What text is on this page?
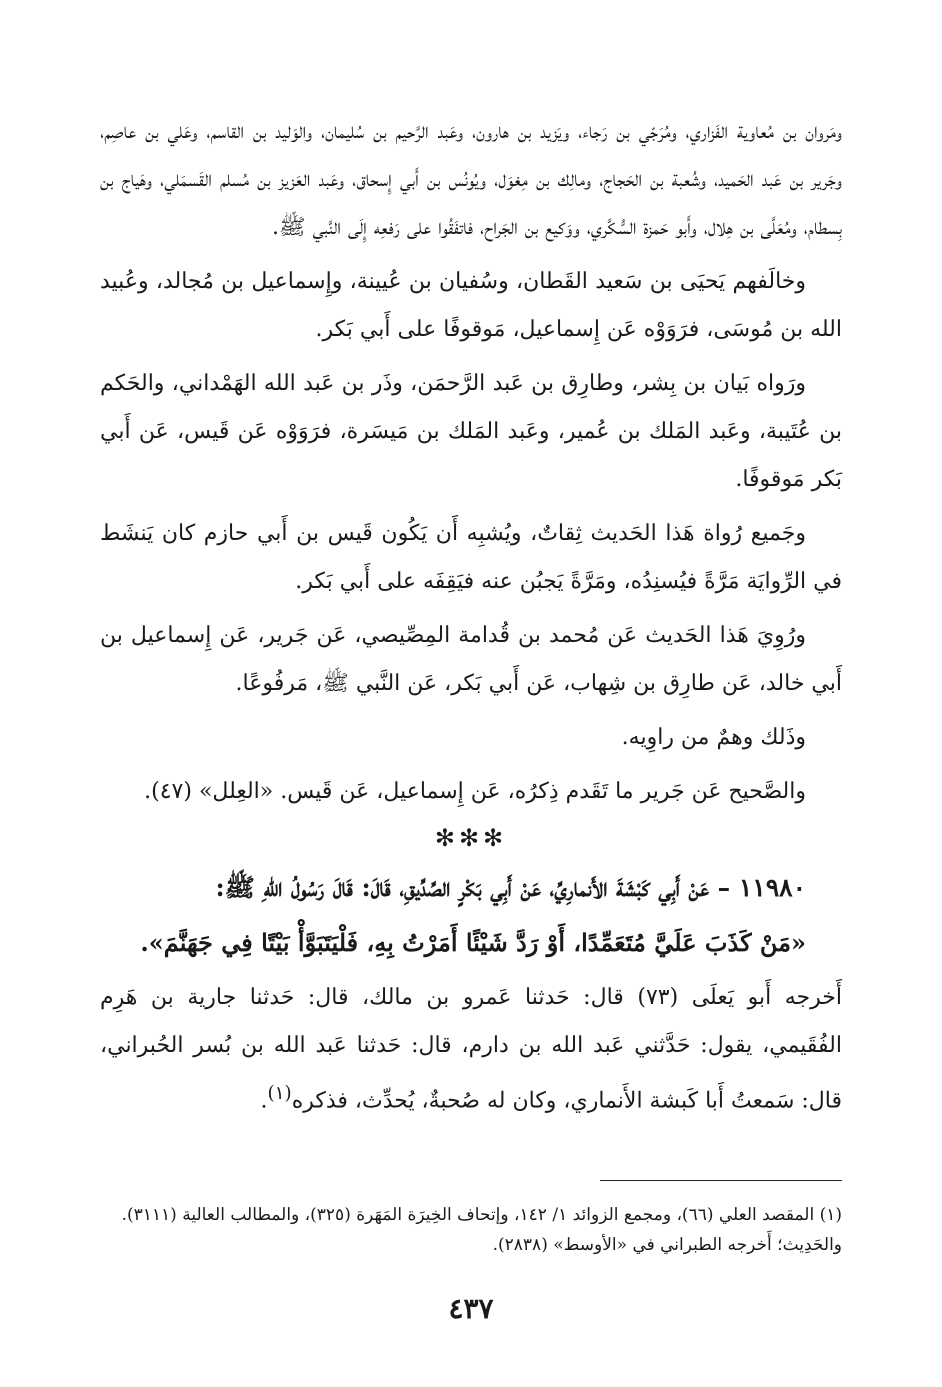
ومَروان بن مُعاوية الفَزاري، ومُرَجّي بن رَجاء، ويَزيد بن هارون، وعَبد الرَّحيم بن سُليمان، والوَليد بن القاسم، وعَلي بن عاصِم، وجَرير بن عَبد الحَميد، وشُعبة بن الحَجاج، ومالِك بن مِغوَل، ويُونُس بن أَبي إِسحاق، وعَبد العَزيز بن مُسلم القَسمَلي، وهَياج بن بِسطام، ومُعَلَّى بن هِلال، وأَبو حَمزة السُّكَّري، ووَكيع بن الجَراح، فاتفَقُوا على رَفعِه إِلَى النَّبي ﷺ.

وخالَفهم يَحيَى بن سَعيد القَطان، وسُفيان بن عُيينة، وإِسماعيل بن مُجالد، وعُبيد الله بن مُوسَى، فرَوَوْه عَن إِسماعيل، مَوقوفًا على أَبي بَكر.

ورَواه بَيان بن بِشر، وطارِق بن عَبد الرَّحمَن، وذَر بن عَبد الله الهَمْداني، والحَكم بن عُتَيبة، وعَبد المَلك بن عُمير، وعَبد المَلك بن مَيسَرة، فرَوَوْه عَن قَيس، عَن أَبي بَكر مَوقوفًا.

وجَميع رُواة هَذا الحَديث ثِقاتٌ، ويُشبِه أَن يَكُون قَيس بن أَبي حازم كان يَنشَط في الرِّوايَة مَرَّةً فيُسنِدُه، ومَرَّةً يَجبُن عنه فيَقِفَه على أَبي بَكر.

ورُوِيَ هَذا الحَديث عَن مُحمد بن قُدامة المِصِّيصي، عَن جَرير، عَن إِسماعيل بن أَبي خالد، عَن طارِق بن شِهاب، عَن أَبي بَكر، عَن النَّبي ﷺ، مَرفُوعًا.

وذَلك وهمٌ من راوِيه.

والصَّحيح عَن جَرير ما تَقَدم ذِكرُه، عَن إِسماعيل، عَن قَيس. «العِلل» (٤٧).

✻✻✻

١١٩٨٠ – عَنْ أَبِي كَبْشَةَ الأَنمارِيِّ، عَنْ أَبِي بَكْرٍ الصِّدِّيقِ، قَالَ: قَالَ رَسُولُ اللهِ ﷺ:

«مَنْ كَذَبَ عَلَيَّ مُتَعَمِّدًا، أَوْ رَدَّ شَيْئًا أَمَرْتُ بِهِ، فَلْيَتَبَوَّأْ بَيْتًا فِي جَهَنَّمَ».

أَخرجه أَبو يَعلَى (٧٣) قال: حَدثنا عَمرو بن مالك، قال: حَدثنا جارية بن هَرِم الفُقَيمي، يقول: حَدَّثني عَبد الله بن دارم، قال: حَدثنا عَبد الله بن بُسر الحُبراني، قال: سَمعتُ أَبا كَبشة الأَنماري، وكان له صُحبةٌ، يُحدِّث، فذكره$^{(١)}$.

(١) المقصد العلي (٦٦)، ومجمع الزوائد ١/ ١٤٢، وإتحاف الخِيرَة المَهَرة (٣٢٥)، والمطالب العالية (٣١١١).

والحَدِيث؛ أَخرجه الطبراني في «الأوسط» (٢٨٣٨).

٤٣٧
